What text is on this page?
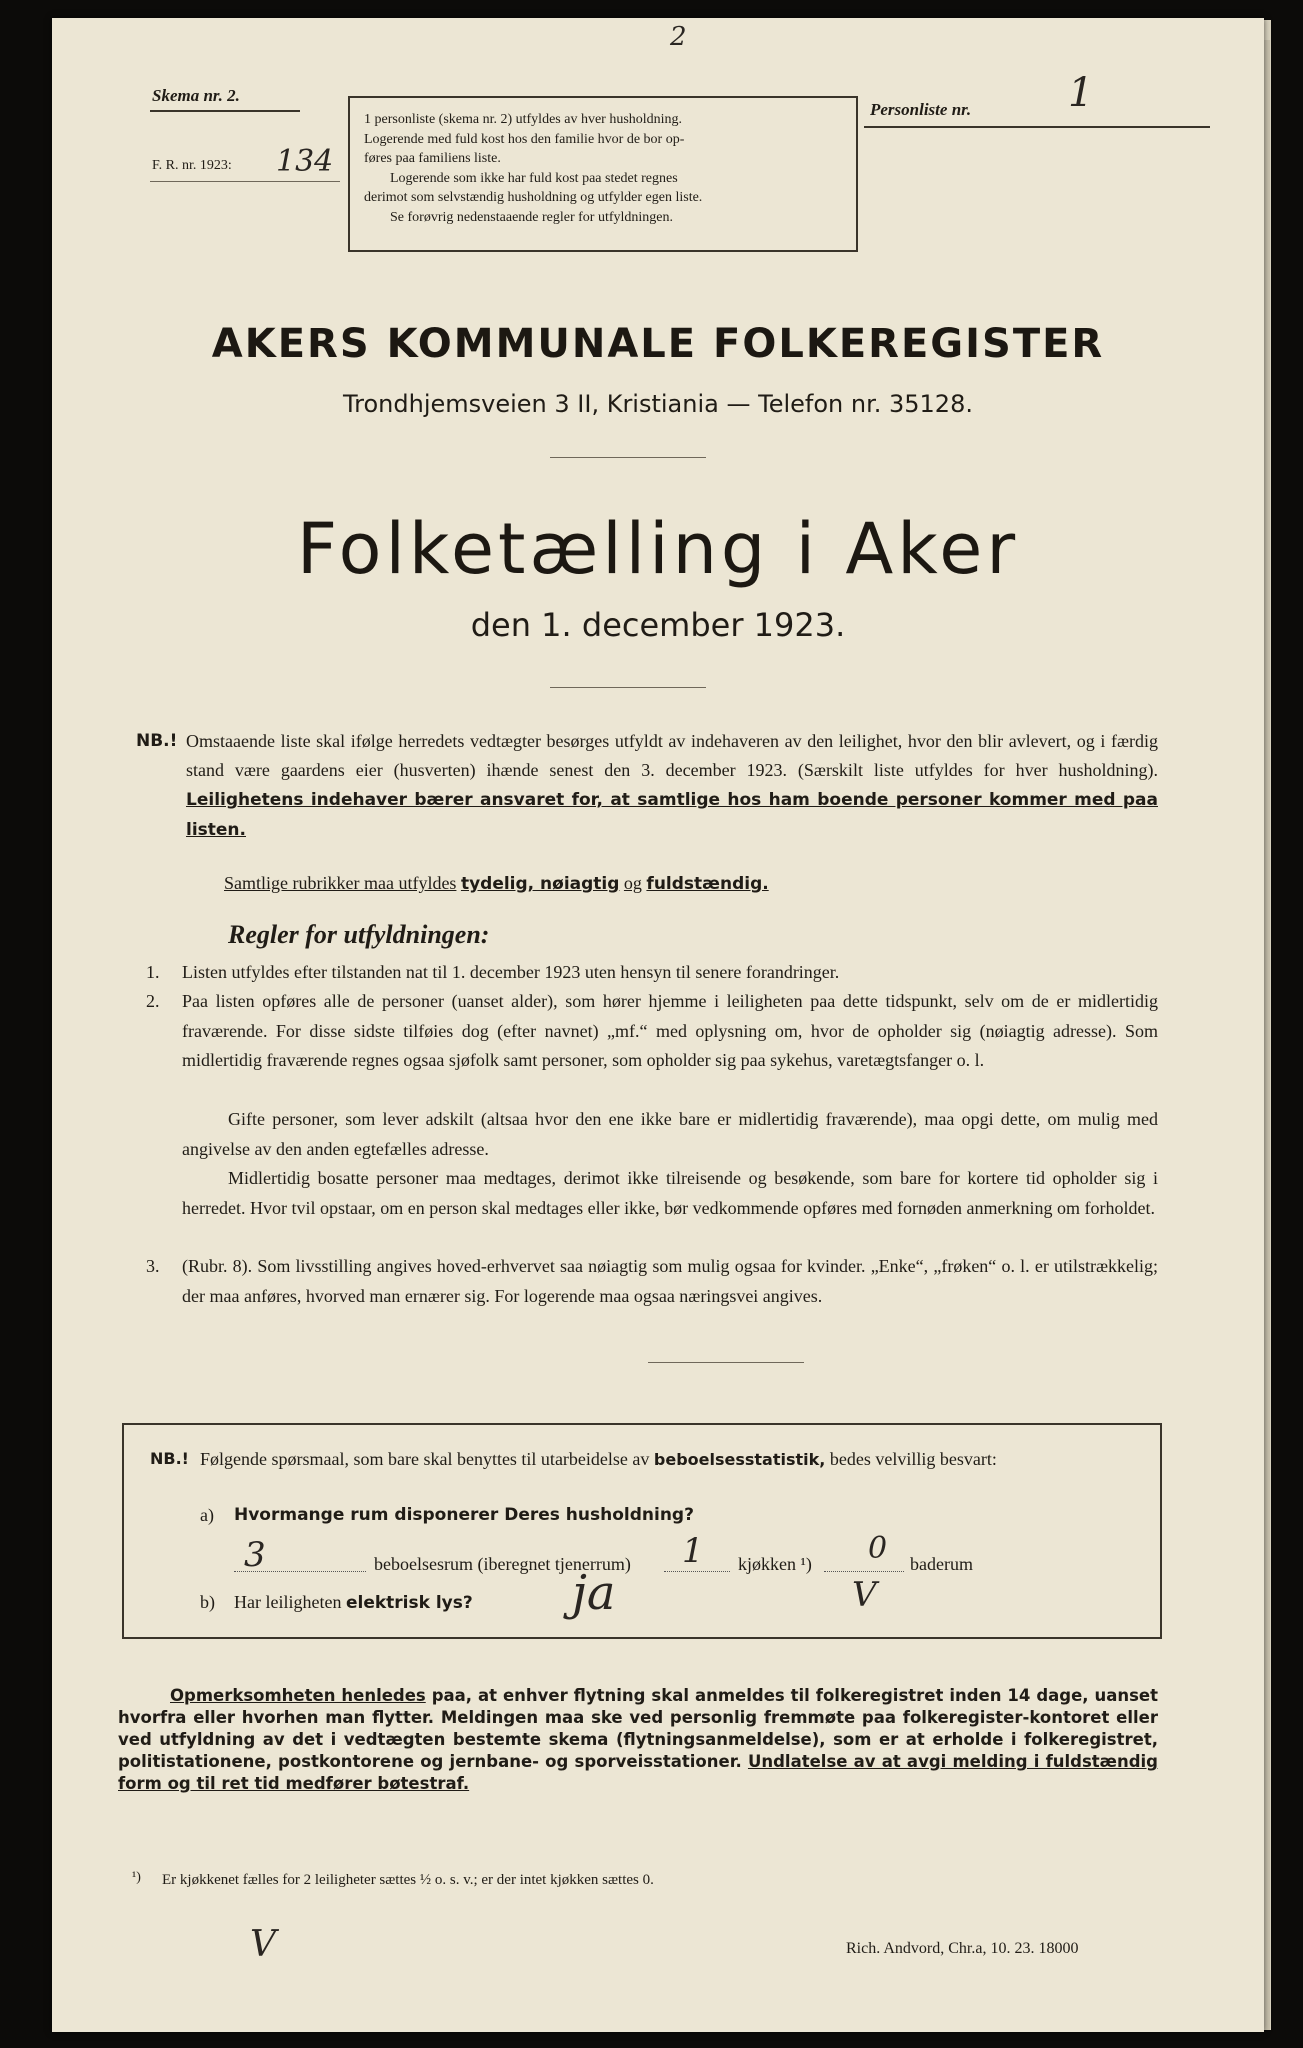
Skema nr. 2.
F. R. nr. 1923: 134
2

1 personliste (skema nr. 2) utfyldes av hver husholdning.

Logerende med fuld kost hos den familie hvor de bor op-

føres paa familiens liste.

Logerende som ikke har fuld kost paa stedet regnes

derimot som selvstændig husholdning og utfylder egen liste.

Se forøvrig nedenstaaende regler for utfyldningen.

Personliste nr. 1
AKERS KOMMUNALE FOLKEREGISTER
Trondhjemsveien 3 II, Kristiania — Telefon nr. 35128.
Folketælling i Aker
den 1. december 1923.
NB.! Omstaaende liste skal ifølge herredets vedtægter besørges utfyldt av indehaveren av den leilighet, hvor den blir avlevert, og i færdig stand være gaardens eier (husverten) ihænde senest den 3. december 1923. (Særskilt liste utfyldes for hver husholdning). Leilighetens indehaver bærer ansvaret for, at samtlige hos ham boende personer kommer med paa listen.
Samtlige rubrikker maa utfyldes tydelig, nøiagtig og fuldstændig.
Regler for utfyldningen:
1. Listen utfyldes efter tilstanden nat til 1. december 1923 uten hensyn til senere forandringer.
2. Paa listen opføres alle de personer (uanset alder), som hører hjemme i leiligheten paa dette tidspunkt, selv om de er midlertidig fraværende. For disse sidste tilføies dog (efter navnet) „mf.“ med oplysning om, hvor de opholder sig (nøiagtig adresse). Som midlertidig fraværende regnes ogsaa sjøfolk samt personer, som opholder sig paa sykehus, varetægtsfanger o. l.
Gifte personer, som lever adskilt (altsaa hvor den ene ikke bare er midlertidig fraværende), maa opgi dette, om mulig med angivelse av den anden egtefælles adresse.
Midlertidig bosatte personer maa medtages, derimot ikke tilreisende og besøkende, som bare for kortere tid opholder sig i herredet. Hvor tvil opstaar, om en person skal medtages eller ikke, bør vedkommende opføres med fornøden anmerkning om forholdet.
3. (Rubr. 8). Som livsstilling angives hoved-erhvervet saa nøiagtig som mulig ogsaa for kvinder. „Enke“, „frøken“ o. l. er utilstrækkelig; der maa anføres, hvorved man ernærer sig. For logerende maa ogsaa næringsvei angives.
NB.! Følgende spørsmaal, som bare skal benyttes til utarbeidelse av beboelsesstatistik, bedes velvillig besvart:
a) Hvormange rum disponerer Deres husholdning?
3	beboelsesrum (iberegnet tjenerrum) 1 kjøkken ¹) 0 baderum
b) Har leiligheten elektrisk lys? ja	V
Opmerksomheten henledes paa, at enhver flytning skal anmeldes til folkeregistret inden 14 dage, uanset hvorfra eller hvorhen man flytter. Meldingen maa ske ved personlig fremmøte paa folkeregister-kontoret eller ved utfyldning av det i vedtægten bestemte skema (flytningsanmeldelse), som er at erholde i folkeregistret, politistationene, postkontorene og jernbane- og sporveisstationer. Undlatelse av at avgi melding i fuldstændig form og til ret tid medfører bøtestraf.
¹) Er kjøkkenet fælles for 2 leiligheter sættes ½ o. s. v.; er der intet kjøkken sættes 0.
V	Rich. Andvord, Chr.a, 10. 23. 18000
